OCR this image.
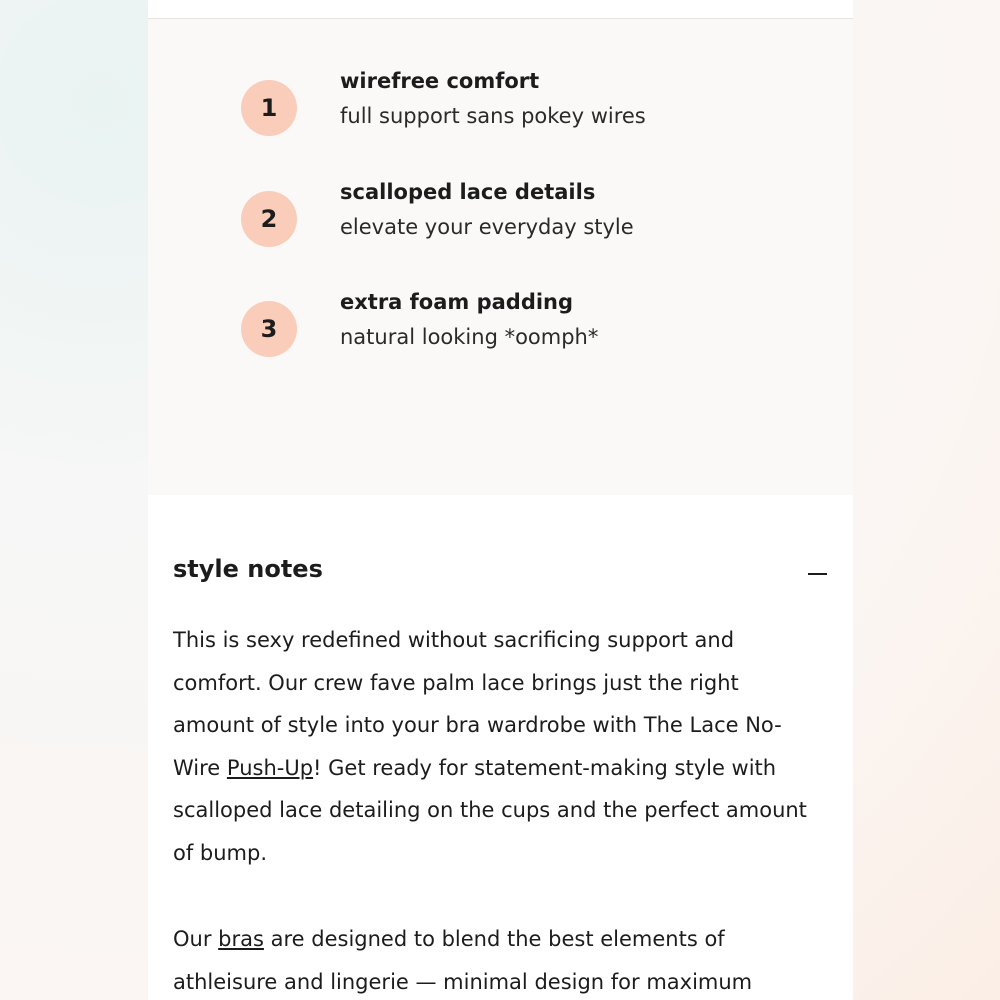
1
wirefree comfort
full support sans pokey wires
2
scalloped lace details
elevate your everyday style
3
extra foam padding
natural looking *oomph*
style notes
This is sexy redefined without sacrificing support and comfort. Our crew fave palm lace brings just the right amount of style into your bra wardrobe with The Lace No-Wire Push-Up! Get ready for statement-making style with scalloped lace detailing on the cups and the perfect amount of bump.
Our bras are designed to blend the best elements of athleisure and lingerie — minimal design for maximum
